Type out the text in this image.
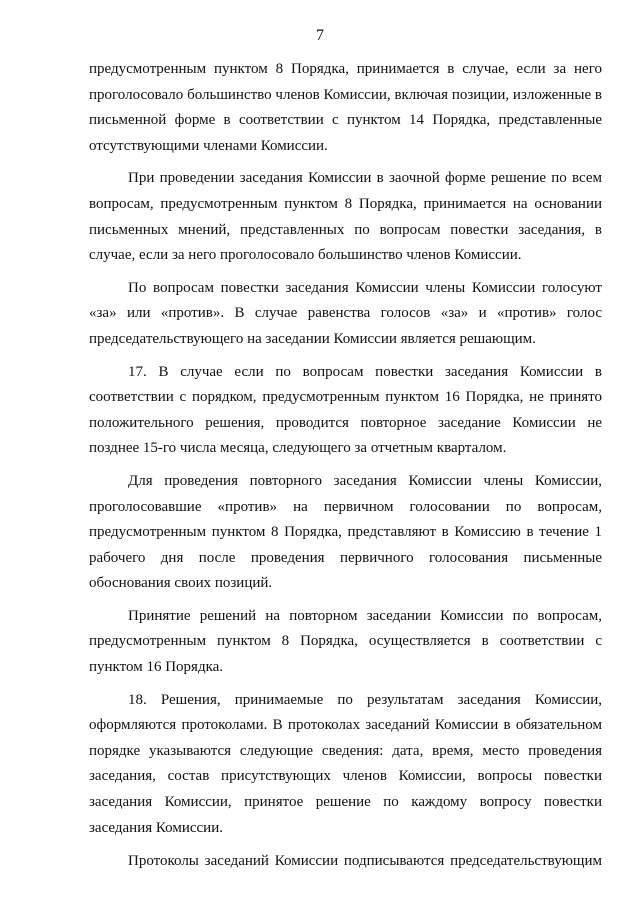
7

предусмотренным пунктом 8 Порядка, принимается в случае, если за него проголосовало большинство членов Комиссии, включая позиции, изложенные в письменной форме в соответствии с пунктом 14 Порядка, представленные отсутствующими членами Комиссии.

При проведении заседания Комиссии в заочной форме решение по всем вопросам, предусмотренным пунктом 8 Порядка, принимается на основании письменных мнений, представленных по вопросам повестки заседания, в случае, если за него проголосовало большинство членов Комиссии.

По вопросам повестки заседания Комиссии члены Комиссии голосуют «за» или «против». В случае равенства голосов «за» и «против» голос председательствующего на заседании Комиссии является решающим.

17. В случае если по вопросам повестки заседания Комиссии в соответствии с порядком, предусмотренным пунктом 16 Порядка, не принято положительного решения, проводится повторное заседание Комиссии не позднее 15-го числа месяца, следующего за отчетным кварталом.

Для проведения повторного заседания Комиссии члены Комиссии, проголосовавшие «против» на первичном голосовании по вопросам, предусмотренным пунктом 8 Порядка, представляют в Комиссию в течение 1 рабочего дня после проведения первичного голосования письменные обоснования своих позиций.

Принятие решений на повторном заседании Комиссии по вопросам, предусмотренным пунктом 8 Порядка, осуществляется в соответствии с пунктом 16 Порядка.

18. Решения, принимаемые по результатам заседания Комиссии, оформляются протоколами. В протоколах заседаний Комиссии в обязательном порядке указываются следующие сведения: дата, время, место проведения заседания, состав присутствующих членов Комиссии, вопросы повестки заседания Комиссии, принятое решение по каждому вопросу повестки заседания Комиссии.

Протоколы заседаний Комиссии подписываются председательствующим
